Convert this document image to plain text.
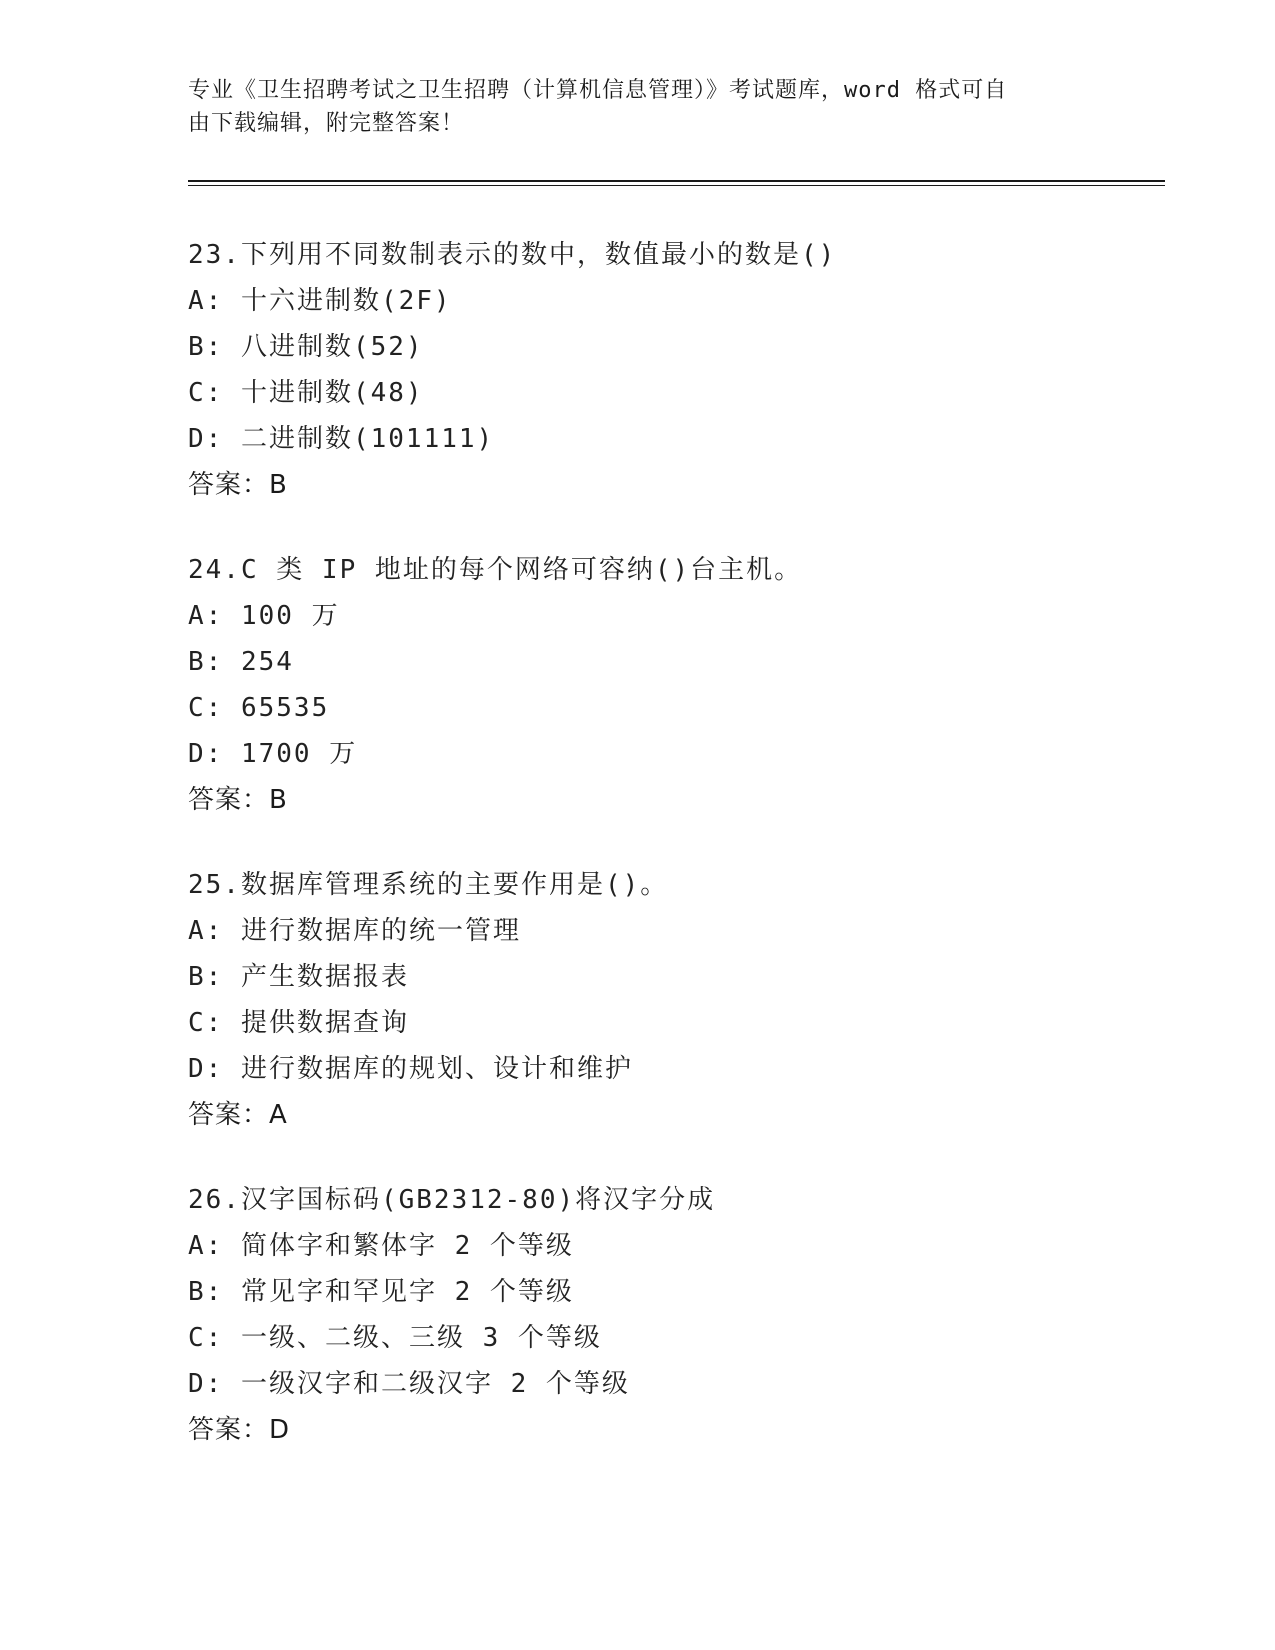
专业《卫生招聘考试之卫生招聘（计算机信息管理）》考试题库，word 格式可自
由下载编辑，附完整答案！
23.下列用不同数制表示的数中，数值最小的数是()
A: 十六进制数(2F)
B: 八进制数(52)
C: 十进制数(48)
D: 二进制数(101111)
答案：B
24.C 类 IP 地址的每个网络可容纳()台主机。
A: 100 万
B: 254
C: 65535
D: 1700 万
答案：B
25.数据库管理系统的主要作用是()。
A: 进行数据库的统一管理
B: 产生数据报表
C: 提供数据查询
D: 进行数据库的规划、设计和维护
答案：A
26.汉字国标码(GB2312-80)将汉字分成
A: 简体字和繁体字 2 个等级
B: 常见字和罕见字 2 个等级
C: 一级、二级、三级 3 个等级
D: 一级汉字和二级汉字 2 个等级
答案：D
